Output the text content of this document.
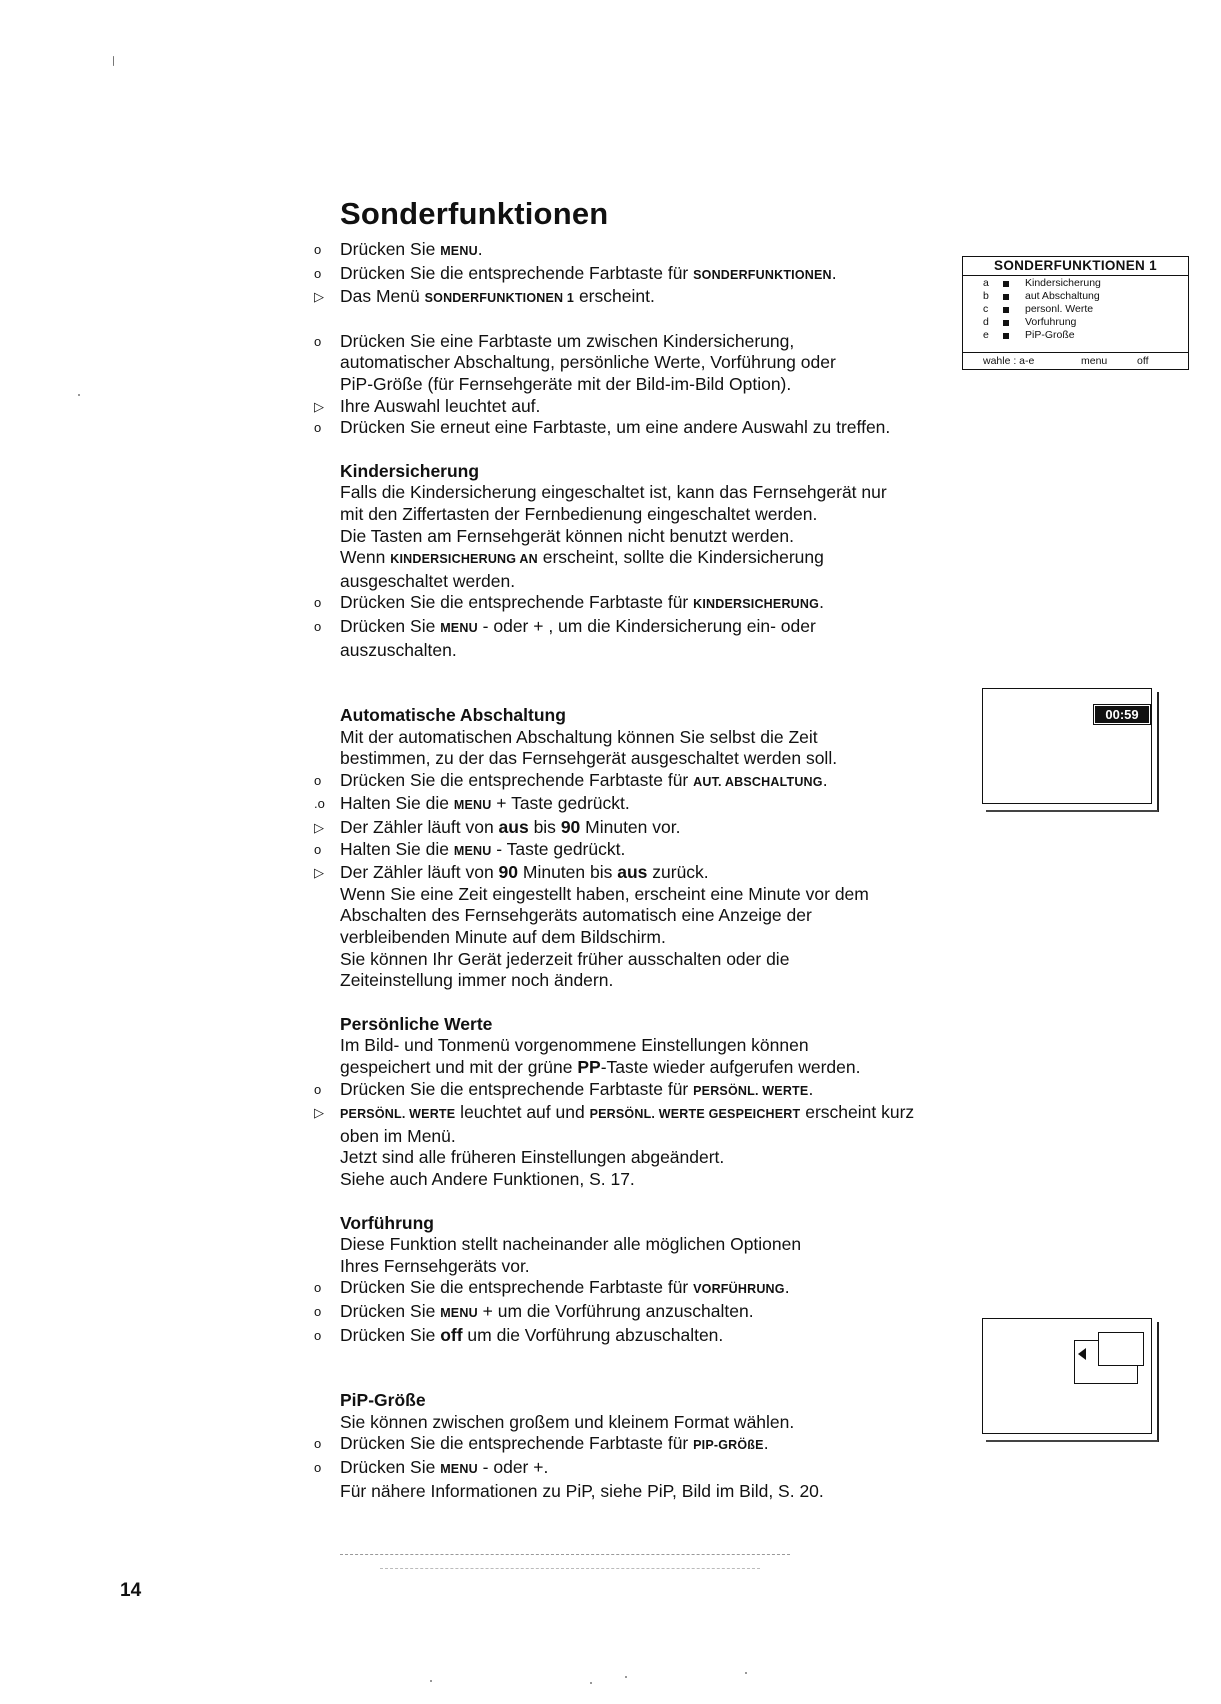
Sonderfunktionen
o	Drücken Sie MENU.
o	Drücken Sie die entsprechende Farbtaste für SONDERFUNKTIONEN.
▷ Das Menü SONDERFUNKTIONEN 1 erscheint.
o	Drücken Sie eine Farbtaste um zwischen Kindersicherung,
automatischer Abschaltung, persönliche Werte, Vorführung oder
PiP-Größe (für Fernsehgeräte mit der Bild-im-Bild Option).
▷ Ihre Auswahl leuchtet auf.
o	Drücken Sie erneut eine Farbtaste, um eine andere Auswahl zu treffen.
Kindersicherung
Falls die Kindersicherung eingeschaltet ist, kann das Fernsehgerät nur
mit den Ziffertasten der Fernbedienung eingeschaltet werden.
Die Tasten am Fernsehgerät können nicht benutzt werden.
Wenn KINDERSICHERUNG AN erscheint, sollte die Kindersicherung
ausgeschaltet werden.
o	Drücken Sie die entsprechende Farbtaste für KINDERSICHERUNG.
o	Drücken Sie MENU - oder + , um die Kindersicherung ein- oder
auszuschalten.
Automatische Abschaltung
Mit der automatischen Abschaltung können Sie selbst die Zeit
bestimmen, zu der das Fernsehgerät ausgeschaltet werden soll.
o	Drücken Sie die entsprechende Farbtaste für AUT. ABSCHALTUNG.
.o Halten Sie die MENU + Taste gedrückt.
▷ Der Zähler läuft von aus bis 90 Minuten vor.
o	Halten Sie die MENU - Taste gedrückt.
▷ Der Zähler läuft von 90 Minuten bis aus zurück.
Wenn Sie eine Zeit eingestellt haben, erscheint eine Minute vor dem
Abschalten des Fernsehgeräts automatisch eine Anzeige der
verbleibenden Minute auf dem Bildschirm.
Sie können Ihr Gerät jederzeit früher ausschalten oder die
Zeiteinstellung immer noch ändern.
Persönliche Werte
Im Bild- und Tonmenü vorgenommene Einstellungen können
gespeichert und mit der grüne PP-Taste wieder aufgerufen werden.
o	Drücken Sie die entsprechende Farbtaste für PERSÖNL. WERTE.
▷	PERSÖNL. WERTE leuchtet auf und PERSÖNL. WERTE GESPEICHERT erscheint kurz
oben im Menü.
Jetzt sind alle früheren Einstellungen abgeändert.
Siehe auch Andere Funktionen, S. 17.
Vorführung
Diese Funktion stellt nacheinander alle möglichen Optionen
Ihres Fernsehgeräts vor.
o	Drücken Sie die entsprechende Farbtaste für VORFÜHRUNG.
o	Drücken Sie MENU + um die Vorführung anzuschalten.
o	Drücken Sie off um die Vorführung abzuschalten.
PiP-Größe
Sie können zwischen großem und kleinem Format wählen.
o	Drücken Sie die entsprechende Farbtaste für PIP-GRÖßE.
o	Drücken Sie MENU - oder +.
Für nähere Informationen zu PiP, siehe PiP, Bild im Bild, S. 20.
SONDERFUNKTIONEN 1
a	Kindersicherung
b	aut Abschaltung
c	personl. Werte
d	Vorfuhrung
e	PiP-Große
wahle : a-e	menu	off
00:59
14
